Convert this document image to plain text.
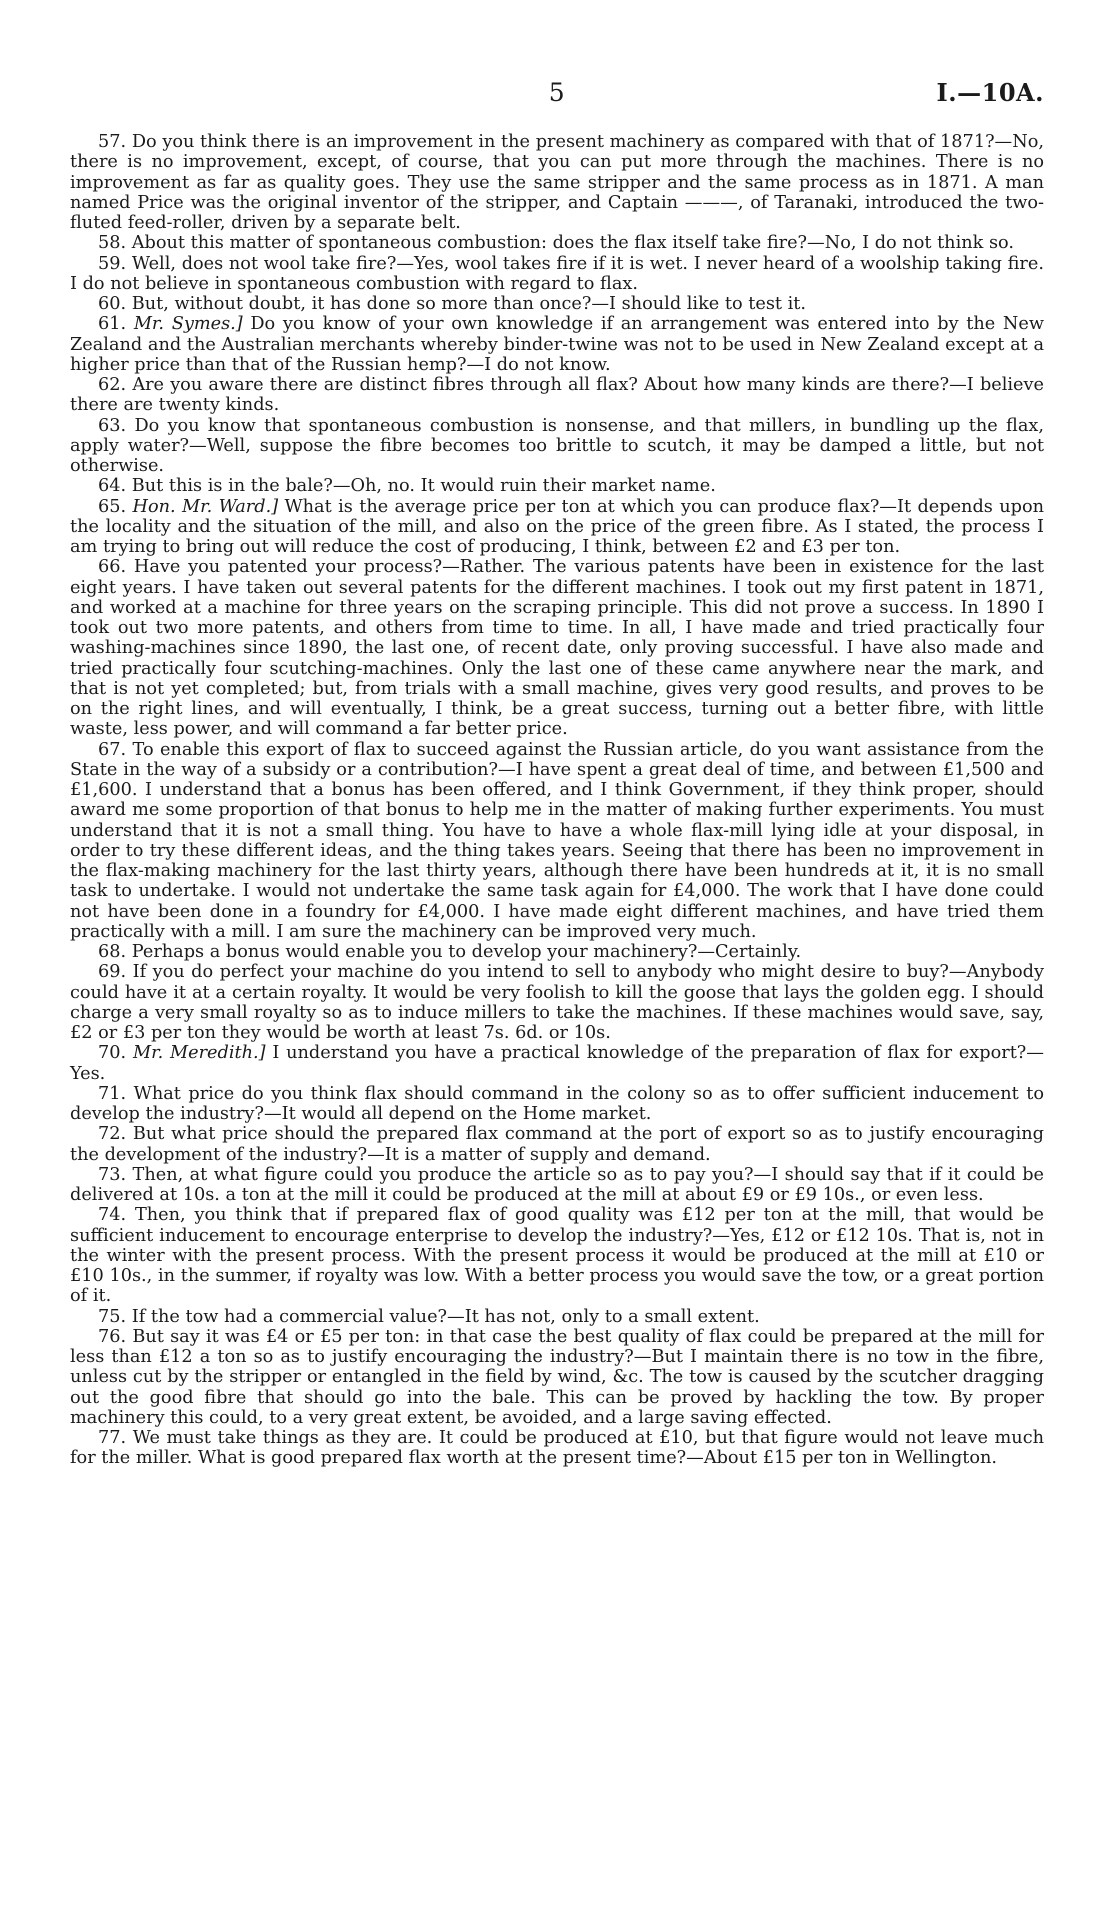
5	I.—10A.

57. Do you think there is an improvement in the present machinery as compared with that of 1871?—No, there is no improvement, except, of course, that you can put more through the machines. There is no improvement as far as quality goes. They use the same stripper and the same process as in 1871. A man named Price was the original inventor of the stripper, and Captain ———, of Taranaki, introduced the two-fluted feed-roller, driven by a separate belt.

58. About this matter of spontaneous combustion: does the flax itself take fire?—No, I do not think so.

59. Well, does not wool take fire?—Yes, wool takes fire if it is wet. I never heard of a woolship taking fire. I do not believe in spontaneous combustion with regard to flax.

60. But, without doubt, it has done so more than once?—I should like to test it.

61. Mr. Symes.] Do you know of your own knowledge if an arrangement was entered into by the New Zealand and the Australian merchants whereby binder-twine was not to be used in New Zealand except at a higher price than that of the Russian hemp?—I do not know.

62. Are you aware there are distinct fibres through all flax? About how many kinds are there?—I believe there are twenty kinds.

63. Do you know that spontaneous combustion is nonsense, and that millers, in bundling up the flax, apply water?—Well, suppose the fibre becomes too brittle to scutch, it may be damped a little, but not otherwise.

64. But this is in the bale?—Oh, no. It would ruin their market name.

65. Hon. Mr. Ward.] What is the average price per ton at which you can produce flax?—It depends upon the locality and the situation of the mill, and also on the price of the green fibre. As I stated, the process I am trying to bring out will reduce the cost of producing, I think, between £2 and £3 per ton.

66. Have you patented your process?—Rather. The various patents have been in existence for the last eight years. I have taken out several patents for the different machines. I took out my first patent in 1871, and worked at a machine for three years on the scraping principle. This did not prove a success. In 1890 I took out two more patents, and others from time to time. In all, I have made and tried practically four washing-machines since 1890, the last one, of recent date, only proving successful. I have also made and tried practically four scutching-machines. Only the last one of these came anywhere near the mark, and that is not yet completed; but, from trials with a small machine, gives very good results, and proves to be on the right lines, and will eventually, I think, be a great success, turning out a better fibre, with little waste, less power, and will command a far better price.

67. To enable this export of flax to succeed against the Russian article, do you want assistance from the State in the way of a subsidy or a contribution?—I have spent a great deal of time, and between £1,500 and £1,600. I understand that a bonus has been offered, and I think Government, if they think proper, should award me some proportion of that bonus to help me in the matter of making further experiments. You must understand that it is not a small thing. You have to have a whole flax-mill lying idle at your disposal, in order to try these different ideas, and the thing takes years. Seeing that there has been no improvement in the flax-making machinery for the last thirty years, although there have been hundreds at it, it is no small task to undertake. I would not undertake the same task again for £4,000. The work that I have done could not have been done in a foundry for £4,000. I have made eight different machines, and have tried them practically with a mill. I am sure the machinery can be improved very much.

68. Perhaps a bonus would enable you to develop your machinery?—Certainly.

69. If you do perfect your machine do you intend to sell to anybody who might desire to buy?—Anybody could have it at a certain royalty. It would be very foolish to kill the goose that lays the golden egg. I should charge a very small royalty so as to induce millers to take the machines. If these machines would save, say, £2 or £3 per ton they would be worth at least 7s. 6d. or 10s.

70. Mr. Meredith.] I understand you have a practical knowledge of the preparation of flax for export?—Yes.

71. What price do you think flax should command in the colony so as to offer sufficient inducement to develop the industry?—It would all depend on the Home market.

72. But what price should the prepared flax command at the port of export so as to justify encouraging the development of the industry?—It is a matter of supply and demand.

73. Then, at what figure could you produce the article so as to pay you?—I should say that if it could be delivered at 10s. a ton at the mill it could be produced at the mill at about £9 or £9 10s., or even less.

74. Then, you think that if prepared flax of good quality was £12 per ton at the mill, that would be sufficient inducement to encourage enterprise to develop the industry?—Yes, £12 or £12 10s. That is, not in the winter with the present process. With the present process it would be produced at the mill at £10 or £10 10s., in the summer, if royalty was low. With a better process you would save the tow, or a great portion of it.

75. If the tow had a commercial value?—It has not, only to a small extent.

76. But say it was £4 or £5 per ton: in that case the best quality of flax could be prepared at the mill for less than £12 a ton so as to justify encouraging the industry?—But I maintain there is no tow in the fibre, unless cut by the stripper or entangled in the field by wind, &c. The tow is caused by the scutcher dragging out the good fibre that should go into the bale. This can be proved by hackling the tow. By proper machinery this could, to a very great extent, be avoided, and a large saving effected.

77. We must take things as they are. It could be produced at £10, but that figure would not leave much for the miller. What is good prepared flax worth at the present time?—About £15 per ton in Wellington.
